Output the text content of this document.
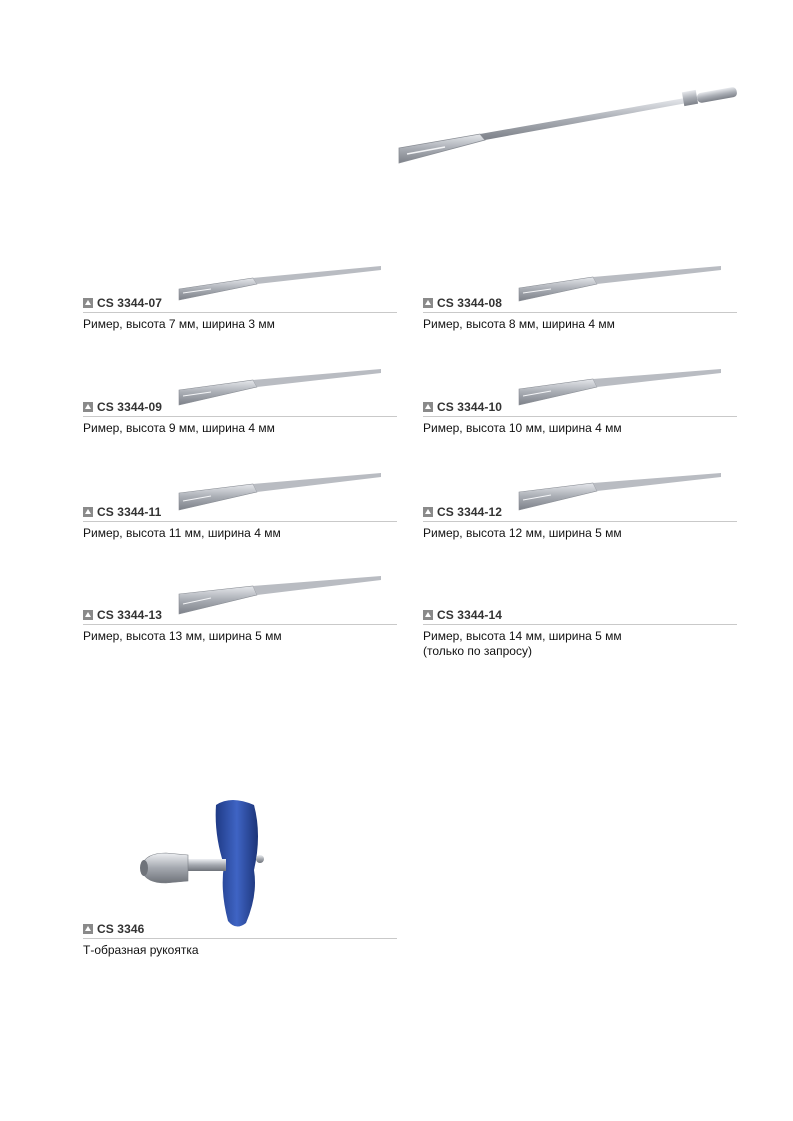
CS 3344-07
Ример, высота 7 мм, ширина 3 мм
CS 3344-08
Ример, высота 8 мм, ширина 4 мм
CS 3344-09
Ример, высота 9 мм, ширина 4 мм
CS 3344-10
Ример, высота 10 мм, ширина 4 мм
CS 3344-11
Ример, высота 11 мм, ширина 4 мм
CS 3344-12
Ример, высота 12 мм, ширина 5 мм
CS 3344-13
Ример, высота 13 мм, ширина 5 мм
CS 3344-14
Ример, высота 14 мм, ширина 5 мм
(только по запросу)
CS 3346
Т-образная рукоятка
